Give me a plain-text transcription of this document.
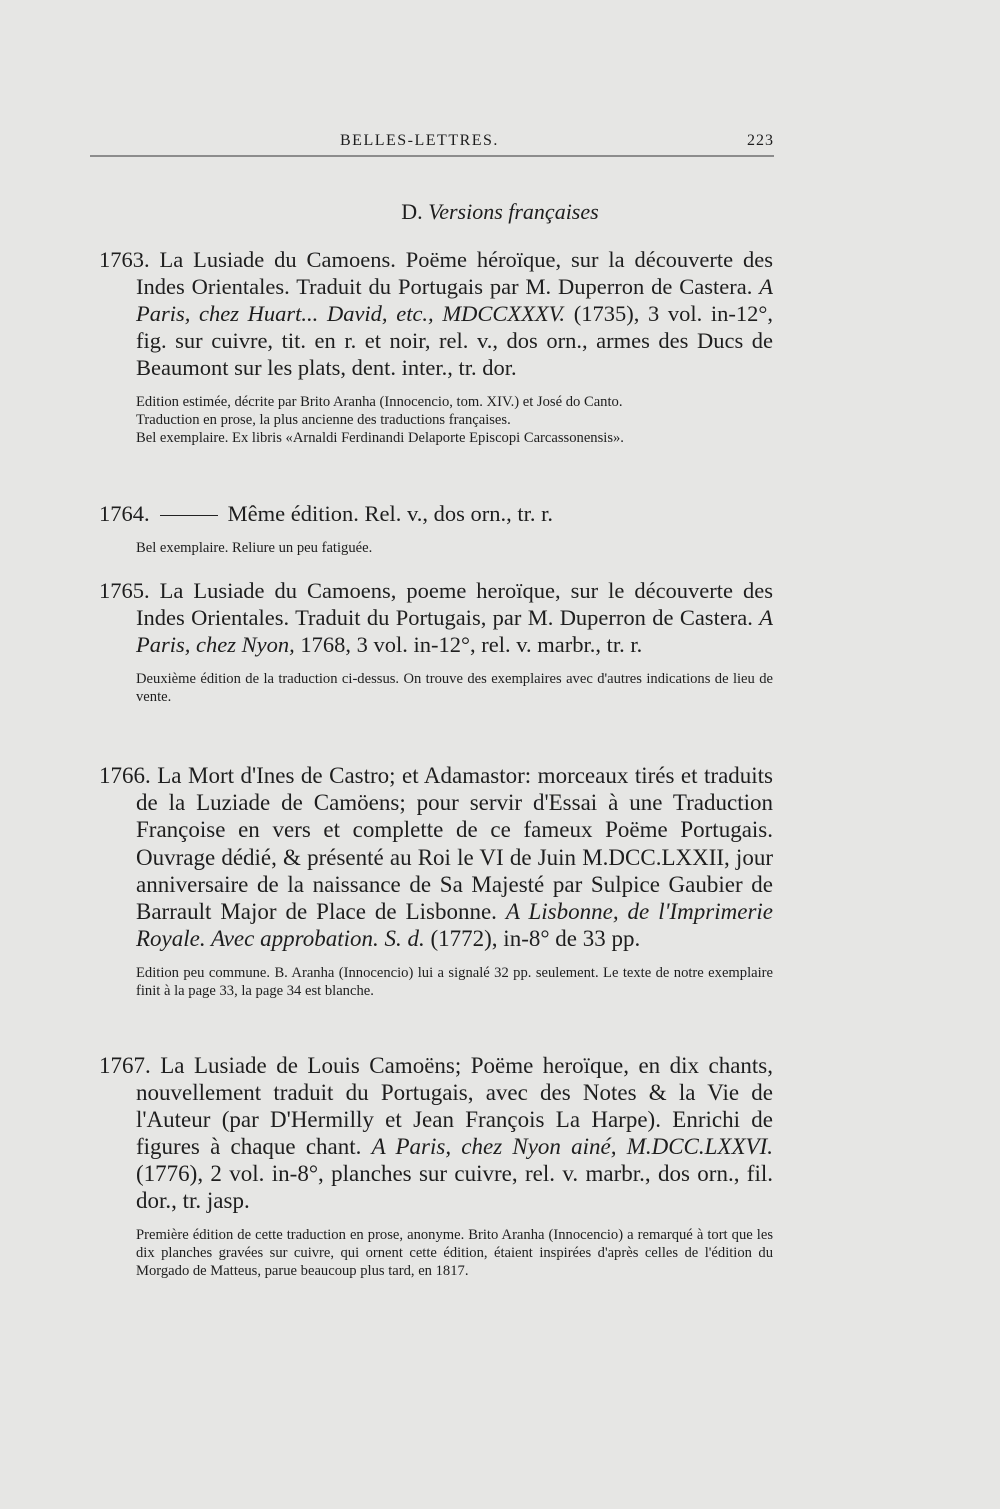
BELLES-LETTRES.	223
D. Versions françaises

1763. La Lusiade du Camoens. Poëme héroïque, sur la découverte des Indes Orientales. Traduit du Portugais par M. Duperron de Castera. A Paris, chez Huart... David, etc., MDCCXXXV. (1735), 3 vol. in-12°, fig. sur cuivre, tit. en r. et noir, rel. v., dos orn., armes des Ducs de Beaumont sur les plats, dent. inter., tr. dor.

Edition estimée, décrite par Brito Aranha (Innocencio, tom. XIV.) et José do Canto.

Traduction en prose, la plus ancienne des traductions françaises.

Bel exemplaire. Ex libris «Arnaldi Ferdinandi Delaporte Episcopi Carcassonensis».

1764.	Même édition. Rel. v., dos orn., tr. r.

Bel exemplaire. Reliure un peu fatiguée.

1765. La Lusiade du Camoens, poeme heroïque, sur le découverte des Indes Orientales. Traduit du Portugais, par M. Duperron de Castera. A Paris, chez Nyon, 1768, 3 vol. in-12°, rel. v. marbr., tr. r.

Deuxième édition de la traduction ci-dessus. On trouve des exemplaires avec d'autres indications de lieu de vente.

1766. La Mort d'Ines de Castro; et Adamastor: morceaux tirés et traduits de la Luziade de Camöens; pour servir d'Essai à une Traduction Françoise en vers et complette de ce fameux Poëme Portugais. Ouvrage dédié, & présenté au Roi le VI de Juin M.DCC.LXXII, jour anniversaire de la naissance de Sa Majesté par Sulpice Gaubier de Barrault Major de Place de Lisbonne. A Lisbonne, de l'Imprimerie Royale. Avec approbation. S. d. (1772), in-8° de 33 pp.

Edition peu commune. B. Aranha (Innocencio) lui a signalé 32 pp. seulement. Le texte de notre exemplaire finit à la page 33, la page 34 est blanche.

1767. La Lusiade de Louis Camoëns; Poëme heroïque, en dix chants, nouvellement traduit du Portugais, avec des Notes & la Vie de l'Auteur (par D'Hermilly et Jean François La Harpe). Enrichi de figures à chaque chant. A Paris, chez Nyon ainé, M.DCC.LXXVI. (1776), 2 vol. in-8°, planches sur cuivre, rel. v. marbr., dos orn., fil. dor., tr. jasp.

Première édition de cette traduction en prose, anonyme. Brito Aranha (Innocencio) a remarqué à tort que les dix planches gravées sur cuivre, qui ornent cette édition, étaient inspirées d'après celles de l'édition du Morgado de Matteus, parue beaucoup plus tard, en 1817.
